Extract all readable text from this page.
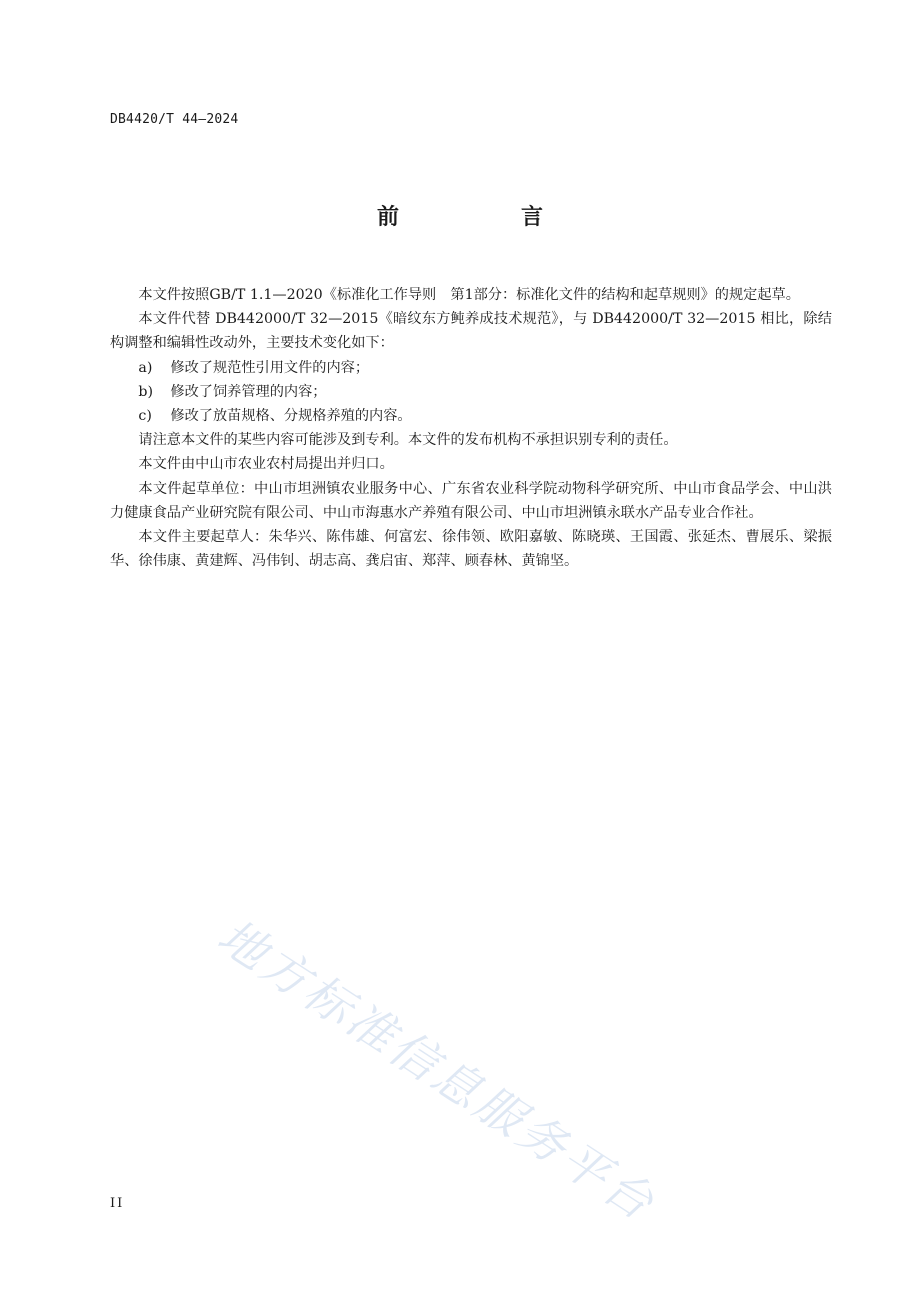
DB4420/T 44—2024
前　言

本文件按照GB/T 1.1—2020《标准化工作导则　第1部分：标准化文件的结构和起草规则》的规定起草。

本文件代替 DB442000/T 32—2015《暗纹东方鲀养成技术规范》，与 DB442000/T 32—2015 相比，除结构调整和编辑性改动外，主要技术变化如下：

a) 修改了规范性引用文件的内容；

b) 修改了饲养管理的内容；

c) 修改了放苗规格、分规格养殖的内容。

请注意本文件的某些内容可能涉及到专利。本文件的发布机构不承担识别专利的责任。

本文件由中山市农业农村局提出并归口。

本文件起草单位：中山市坦洲镇农业服务中心、广东省农业科学院动物科学研究所、中山市食品学会、中山洪力健康食品产业研究院有限公司、中山市海惠水产养殖有限公司、中山市坦洲镇永联水产品专业合作社。

本文件主要起草人：朱华兴、陈伟雄、何富宏、徐伟领、欧阳嘉敏、陈晓瑛、王国霞、张延杰、曹展乐、梁振华、徐伟康、黄建辉、冯伟钊、胡志高、龚启宙、郑萍、顾春林、黄锦坚。

地方标准信息服务平台
II
